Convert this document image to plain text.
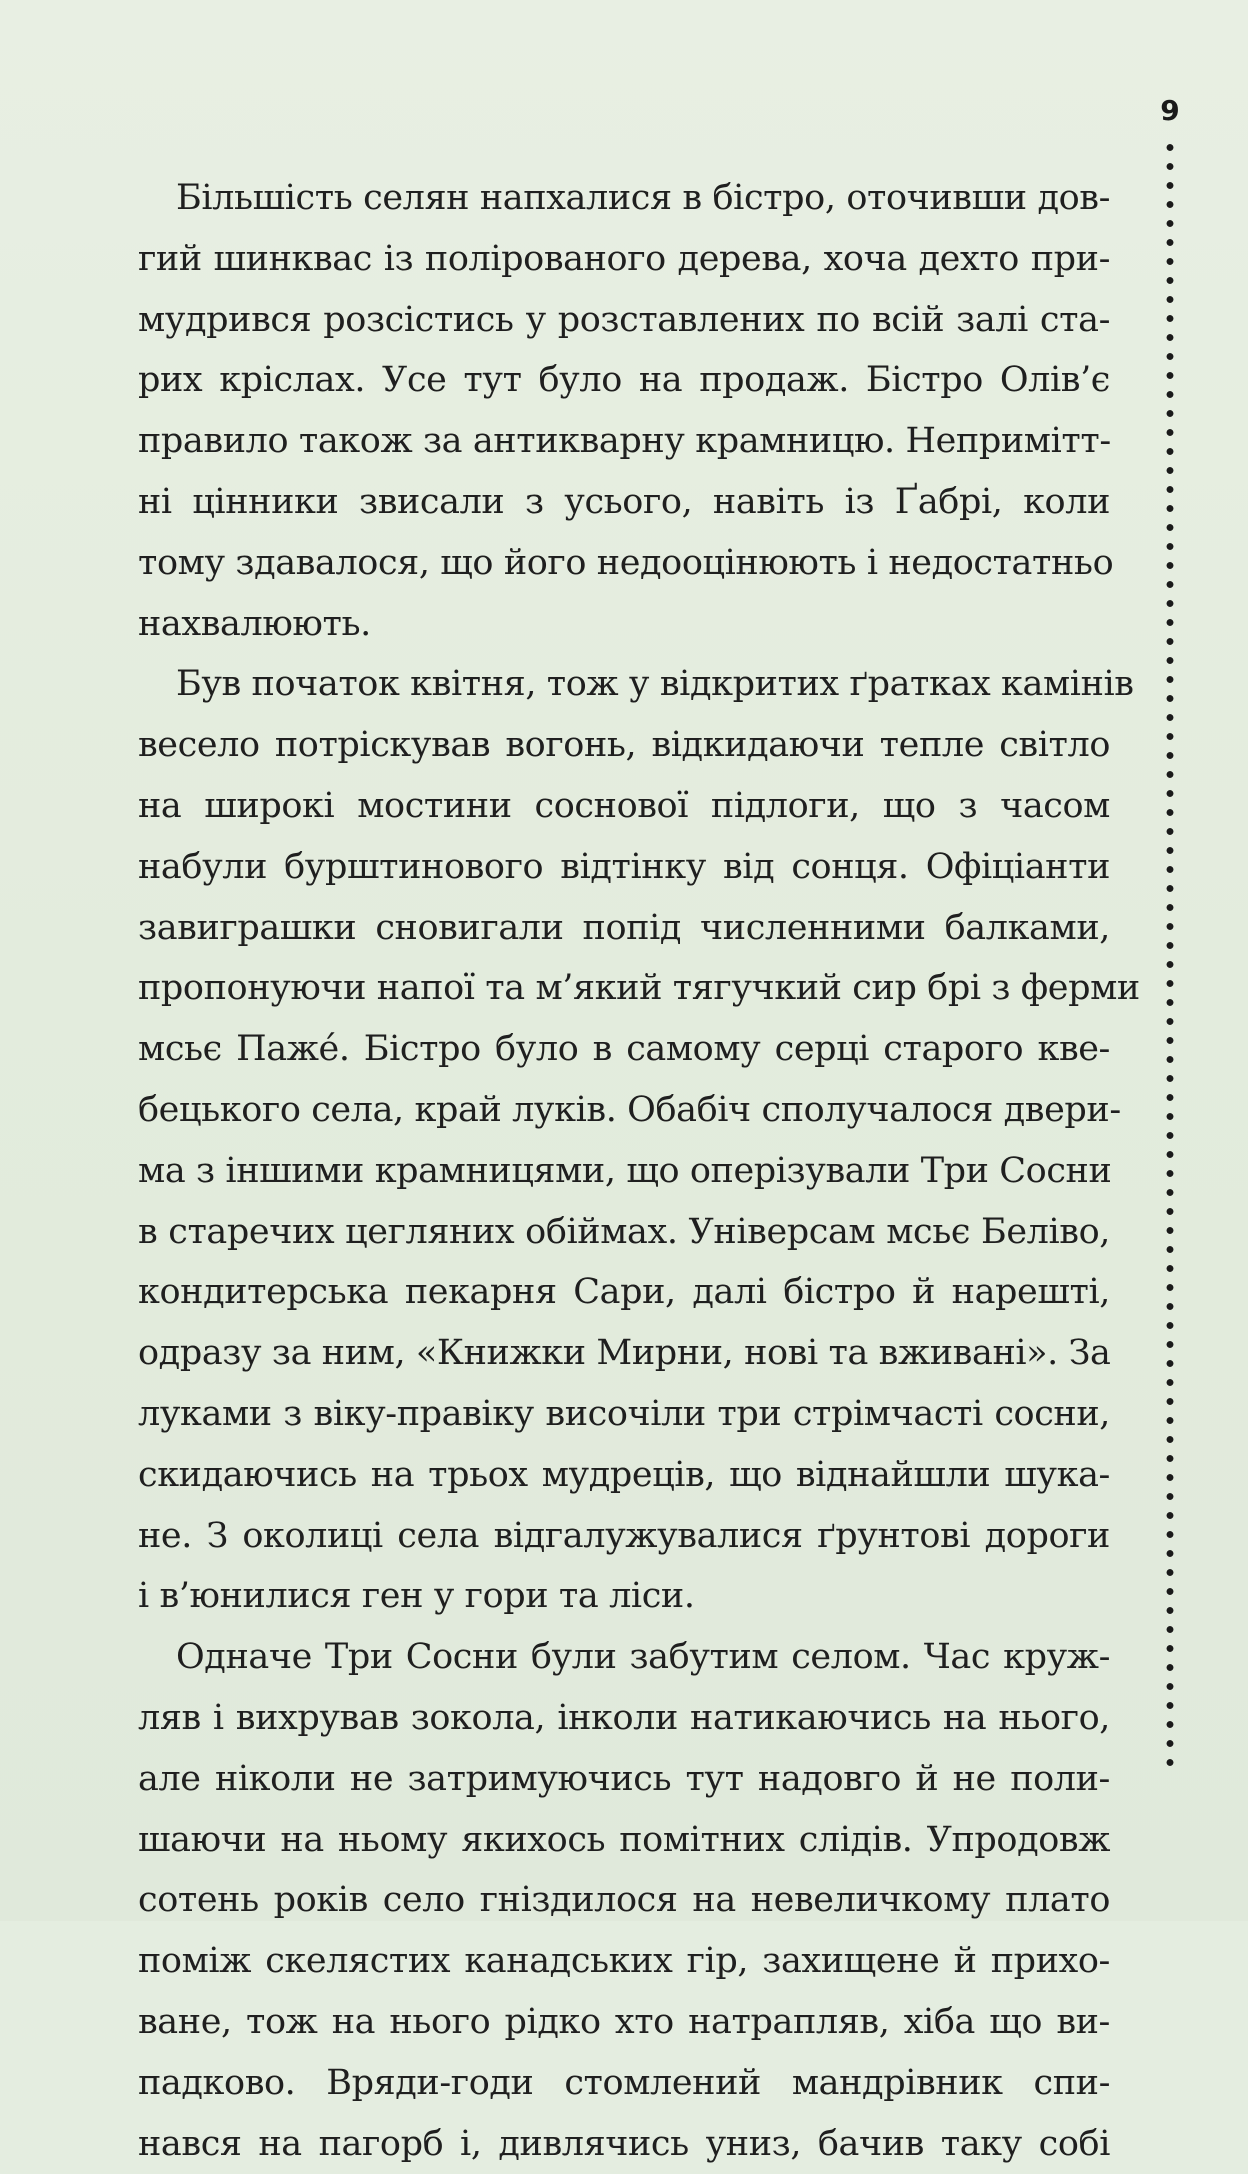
9
Більшість селян напхалися в бістро, оточивши дов-
гий шинквас із полірованого дерева, хоча дехто при-
мудрився розсістись у розставлених по всій залі ста-
рих кріслах. Усе тут було на продаж. Бістро Олів’є
правило також за антикварну крамницю. Непримітт-
ні цінники звисали з усього, навіть із Ґабрі, коли
тому здавалося, що його недооцінюють і недостатньо
нахвалюють.
Був початок квітня, тож у відкритих ґратках камінів
весело потріскував вогонь, відкидаючи тепле світло
на широкі мостини соснової підлоги, що з часом
набули бурштинового відтінку від сонця. Офіціанти
завиграшки сновигали попід численними балками,
пропонуючи напої та м’який тягучкий сир брі з ферми
мсьє Пажé. Бістро було в самому серці старого кве-
бецького села, край луків. Обабіч сполучалося двери-
ма з іншими крамницями, що оперізували Три Сосни
в старечих цегляних обіймах. Універсам мсьє Беліво,
кондитерська пекарня Сари, далі бістро й нарешті,
одразу за ним, «Книжки Мирни, нові та вживані». За
луками з віку-правіку височіли три стрімчасті сосни,
скидаючись на трьох мудреців, що віднайшли шука-
не. З околиці села відгалужувалися ґрунтові дороги
і в’юнилися ген у гори та ліси.
Одначе Три Сосни були забутим селом. Час круж-
ляв і вихрував зокола, інколи натикаючись на нього,
але ніколи не затримуючись тут надовго й не поли-
шаючи на ньому якихось помітних слідів. Упродовж
сотень років село гніздилося на невеличкому плато
поміж скелястих канадських гір, захищене й прихо-
ване, тож на нього рідко хто натрапляв, хіба що ви-
падково. Вряди-годи стомлений мандрівник спи-
нався на пагорб і, дивлячись униз, бачив таку собі
